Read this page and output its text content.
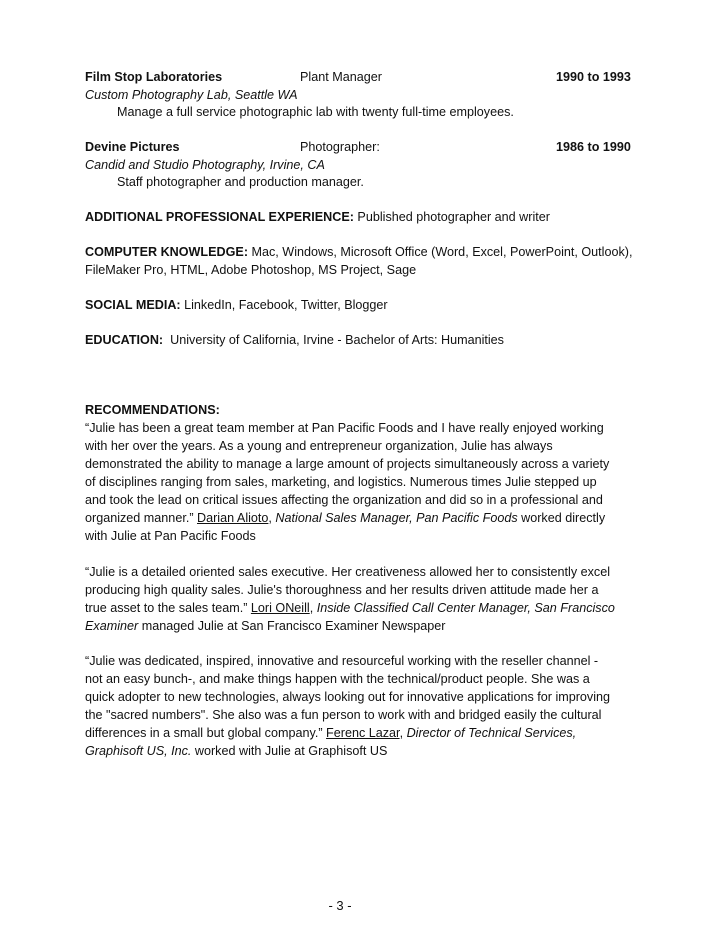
Film Stop Laboratories	Plant Manager	1990 to 1993
Custom Photography Lab, Seattle WA
Manage a full service photographic lab with twenty full-time employees.
Devine Pictures	Photographer:	1986 to 1990
Candid and Studio Photography, Irvine, CA
Staff photographer and production manager.
ADDITIONAL PROFESSIONAL EXPERIENCE: Published photographer and writer
COMPUTER KNOWLEDGE: Mac, Windows, Microsoft Office (Word, Excel, PowerPoint, Outlook),
FileMaker Pro, HTML, Adobe Photoshop, MS Project, Sage
SOCIAL MEDIA: LinkedIn, Facebook, Twitter, Blogger
EDUCATION:  University of California, Irvine - Bachelor of Arts: Humanities
RECOMMENDATIONS:
“Julie has been a great team member at Pan Pacific Foods and I have really enjoyed working
with her over the years. As a young and entrepreneur organization, Julie has always
demonstrated the ability to manage a large amount of projects simultaneously across a variety
of disciplines ranging from sales, marketing, and logistics. Numerous times Julie stepped up
and took the lead on critical issues affecting the organization and did so in a professional and
organized manner.” Darian Alioto, National Sales Manager, Pan Pacific Foods worked directly
with Julie at Pan Pacific Foods
“Julie is a detailed oriented sales executive. Her creativeness allowed her to consistently excel
producing high quality sales. Julie's thoroughness and her results driven attitude made her a
true asset to the sales team.” Lori ONeill, Inside Classified Call Center Manager, San Francisco
Examiner managed Julie at San Francisco Examiner Newspaper
“Julie was dedicated, inspired, innovative and resourceful working with the reseller channel -
not an easy bunch-, and make things happen with the technical/product people. She was a
quick adopter to new technologies, always looking out for innovative applications for improving
the "sacred numbers". She also was a fun person to work with and bridged easily the cultural
differences in a small but global company.” Ferenc Lazar, Director of Technical Services,
Graphisoft US, Inc. worked with Julie at Graphisoft US
- 3 -
